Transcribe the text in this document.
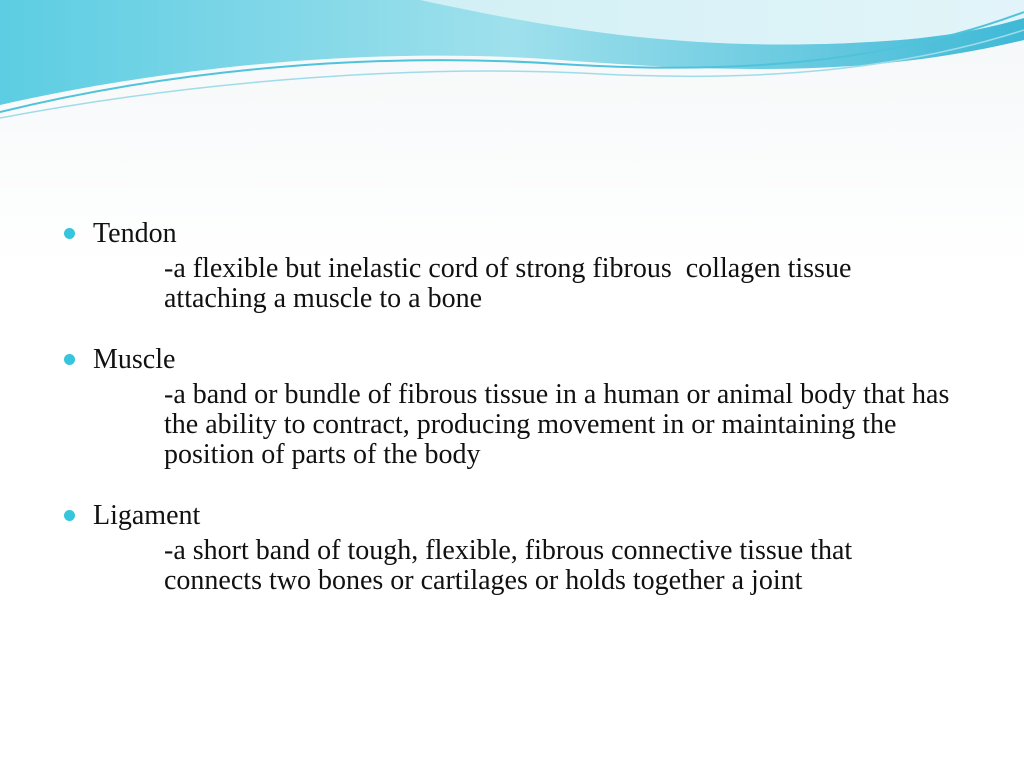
Tendon
-a flexible but inelastic cord of strong fibrous  collagen tissue attaching a muscle to a bone
Muscle
-a band or bundle of fibrous tissue in a human or animal body that has the ability to contract, producing movement in or maintaining the position of parts of the body
Ligament
-a short band of tough, flexible, fibrous connective tissue that connects two bones or cartilages or holds together a joint
